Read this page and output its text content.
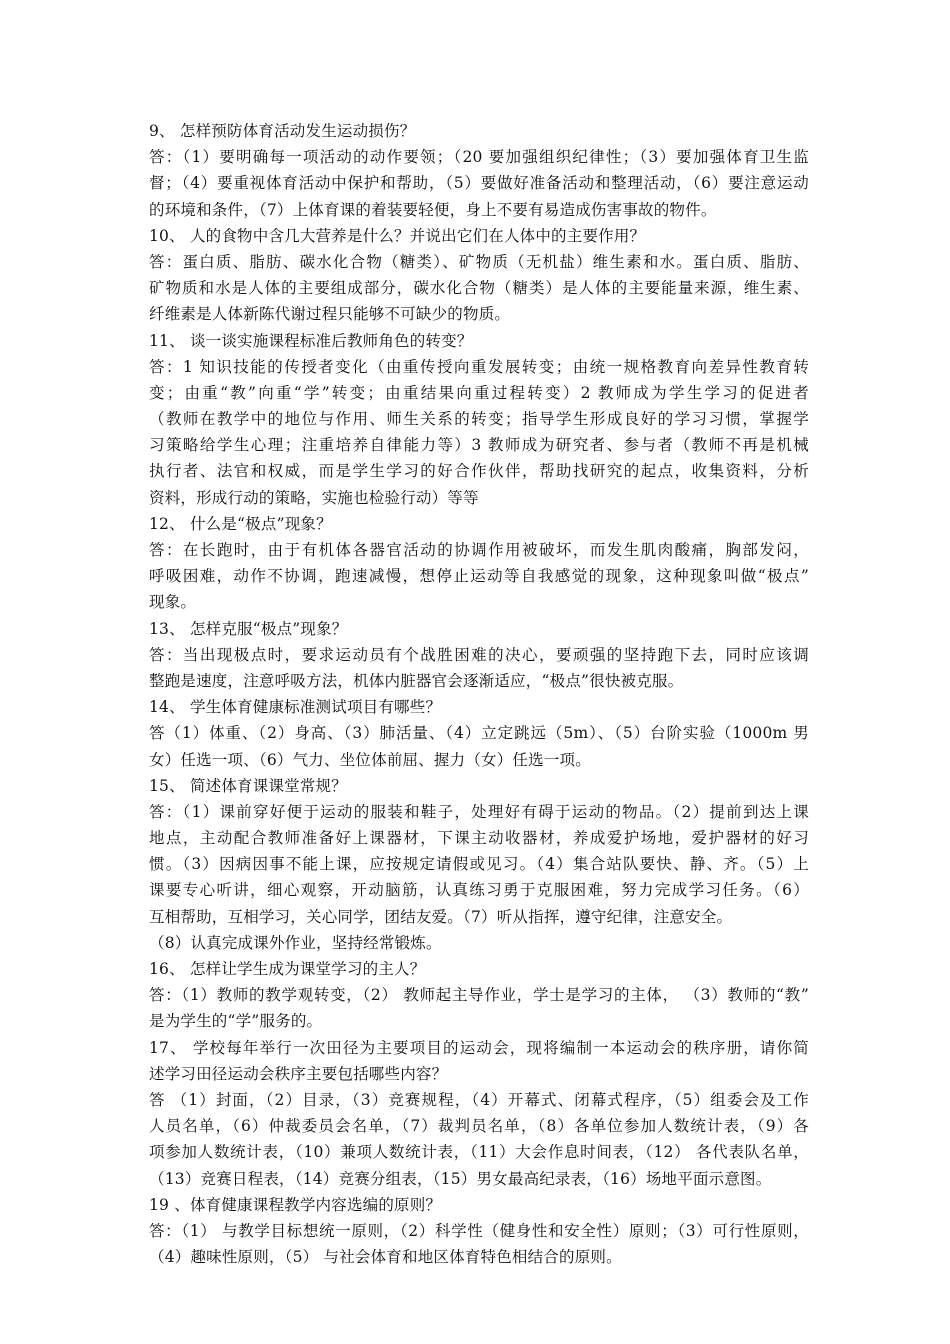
9、 怎样预防体育活动发生运动损伤？
答：（1）要明确每一项活动的动作要领；（20 要加强组织纪律性；（3）要加强体育卫生监
督；（4）要重视体育活动中保护和帮助，（5）要做好准备活动和整理活动，（6）要注意运动
的环境和条件，（7）上体育课的着装要轻便，身上不要有易造成伤害事故的物件。
10、 人的食物中含几大营养是什么？并说出它们在人体中的主要作用？
答：蛋白质、脂肪、碳水化合物（糖类）、矿物质（无机盐）维生素和水。蛋白质、脂肪、
矿物质和水是人体的主要组成部分，碳水化合物（糖类）是人体的主要能量来源，维生素、
纤维素是人体新陈代谢过程只能够不可缺少的物质。
11、 谈一谈实施课程标准后教师角色的转变？
答：1 知识技能的传授者变化（由重传授向重发展转变；由统一规格教育向差异性教育转
变；由重“教”向重“学”转变；由重结果向重过程转变）2 教师成为学生学习的促进者
（教师在教学中的地位与作用、师生关系的转变；指导学生形成良好的学习习惯，掌握学
习策略给学生心理；注重培养自律能力等）3 教师成为研究者、参与者（教师不再是机械
执行者、法官和权威，而是学生学习的好合作伙伴，帮助找研究的起点，收集资料，分析
资料，形成行动的策略，实施也检验行动）等等
12、 什么是“极点”现象？
答：在长跑时，由于有机体各器官活动的协调作用被破坏，而发生肌肉酸痛，胸部发闷，
呼吸困难，动作不协调，跑速减慢，想停止运动等自我感觉的现象，这种现象叫做“极点”
现象。
13、 怎样克服“极点”现象？
答：当出现极点时，要求运动员有个战胜困难的决心，要顽强的坚持跑下去，同时应该调
整跑是速度，注意呼吸方法，机体内脏器官会逐渐适应，“极点”很快被克服。
14、 学生体育健康标准测试项目有哪些？
答（1）体重、（2）身高、（3）肺活量、（4）立定跳远（5m）、（5）台阶实验（1000m 男
女）任选一项、（6）气力、坐位体前屈、握力（女）任选一项。
15、 简述体育课课堂常规？
答：（1）课前穿好便于运动的服装和鞋子，处理好有碍于运动的物品。（2）提前到达上课
地点，主动配合教师准备好上课器材，下课主动收器材，养成爱护场地，爱护器材的好习
惯。（3）因病因事不能上课，应按规定请假或见习。（4）集合站队要快、静、齐。（5）上
课要专心听讲，细心观察，开动脑筋，认真练习勇于克服困难，努力完成学习任务。（6）
互相帮助，互相学习，关心同学，团结友爱。（7）听从指挥，遵守纪律，注意安全。
（8）认真完成课外作业，坚持经常锻炼。
16、 怎样让学生成为课堂学习的主人？
答：（1）教师的教学观转变，（2） 教师起主导作业，学士是学习的主体， （3）教师的“教”
是为学生的“学”服务的。
17、 学校每年举行一次田径为主要项目的运动会，现将编制一本运动会的秩序册，请你简
述学习田径运动会秩序主要包括哪些内容？
答 （1）封面，（2）目录，（3）竞赛规程，（4）开幕式、闭幕式程序，（5）组委会及工作
人员名单，（6）仲裁委员会名单，（7）裁判员名单，（8）各单位参加人数统计表，（9）各
项参加人数统计表，（10）兼项人数统计表，（11）大会作息时间表，（12） 各代表队名单，
（13）竞赛日程表，（14）竞赛分组表，（15）男女最高纪录表，（16）场地平面示意图。
19 、体育健康课程教学内容选编的原则？
答：（1） 与教学目标想统一原则，（2）科学性（健身性和安全性）原则；（3）可行性原则，
（4）趣味性原则，（5） 与社会体育和地区体育特色相结合的原则。
